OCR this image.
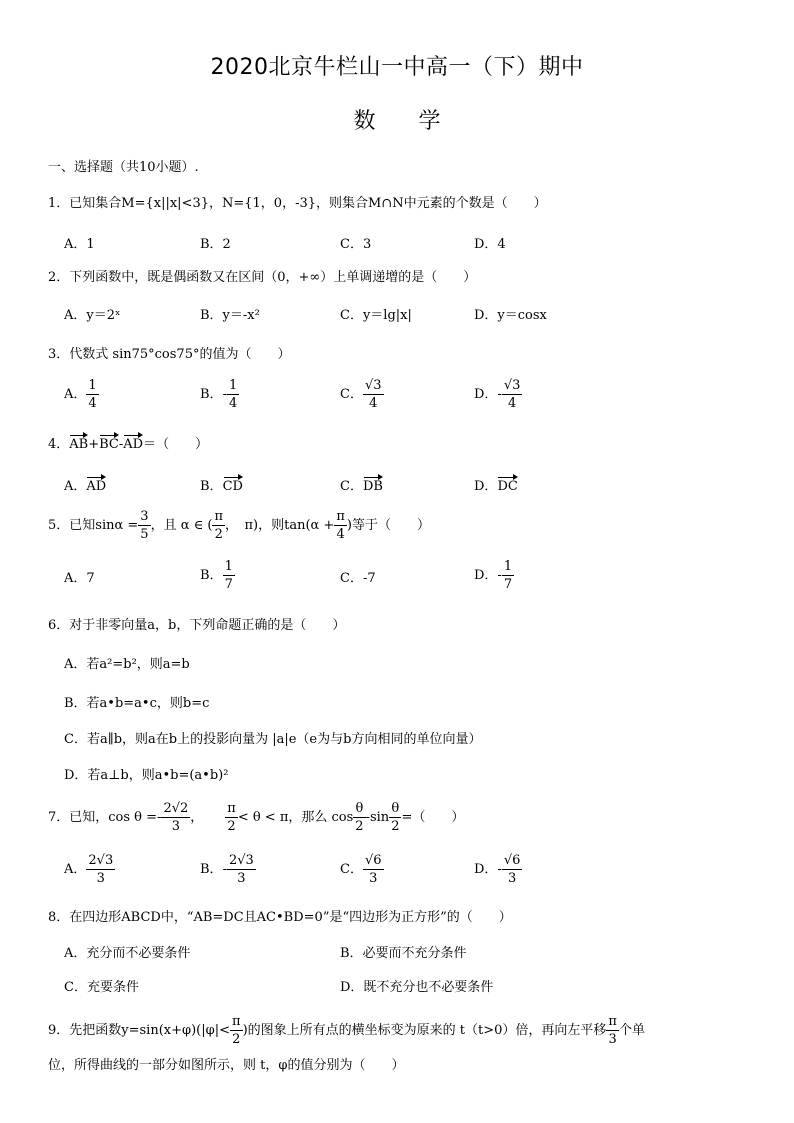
2020北京牛栏山一中高一（下）期中
数 学
一、选择题（共10小题）.
1．已知集合M={x||x|<3}，N={1，0，-3}，则集合M∩N中元素的个数是（　　）
A．1	B．2	C．3	D．4
2．下列函数中，既是偶函数又在区间（0，+∞）上单调递增的是（　　）
A．y＝2ˣ	B．y＝-x²	C．y＝lg|x|	D．y＝cosx
3．代数式 sin75°cos75°的值为（　　）
A． $\frac{1}{4}$	B．- $\frac{1}{4}$	C． $\frac{√3}{4}$	D．- $\frac{√3}{4}$
4．AB+BC-AD＝（　　）
A．AD	B．CD	C．DB	D．DC
5．已知$\sin\alpha = \frac{3}{5}$ ，且 α ∈ ( $\frac{\pi}{2}$ ，　π)，则$\tan(\alpha + \frac{\pi}{4}$ )等于（　　）
A．7	B． $\frac{1}{7}$	C．-7	D．- $\frac{1}{7}$
6．对于非零向量a，b，下列命题正确的是（　　）
A．若a²=b²，则a=b
B．若a•b=a•c，则b=c
C．若a∥b，则a在b上的投影向量为 |a|e（e为与b方向相同的单位向量）
D．若a⊥b，则a•b=(a•b)²
7．已知，$\cos \theta =- \frac{2√2}{3}$ ， $\frac{\pi}{2} < \theta < \pi$，那么 $\cos \frac{\theta}{2} -\sin \frac{\theta}{2}$ =（　　）
A． $\frac{2√3}{3}$	B．- $\frac{2√3}{3}$	C． $\frac{√6}{3}$	D．- $\frac{√6}{3}$
8．在四边形ABCD中，“AB=DC且AC•BD=0”是“四边形为正方形”的（　　）
A．充分而不必要条件	B．必要而不充分条件
C．充要条件	D．既不充分也不必要条件
9．先把函数$y=\sin(x+\varphi)(|\varphi|< \frac{\pi}{2}$ )的图象上所有点的横坐标变为原来的 t（t>0）倍，再向左平移 $\frac{\pi}{3}$ 个单
位，所得曲线的一部分如图所示，则 t，φ的值分别为（　　）
